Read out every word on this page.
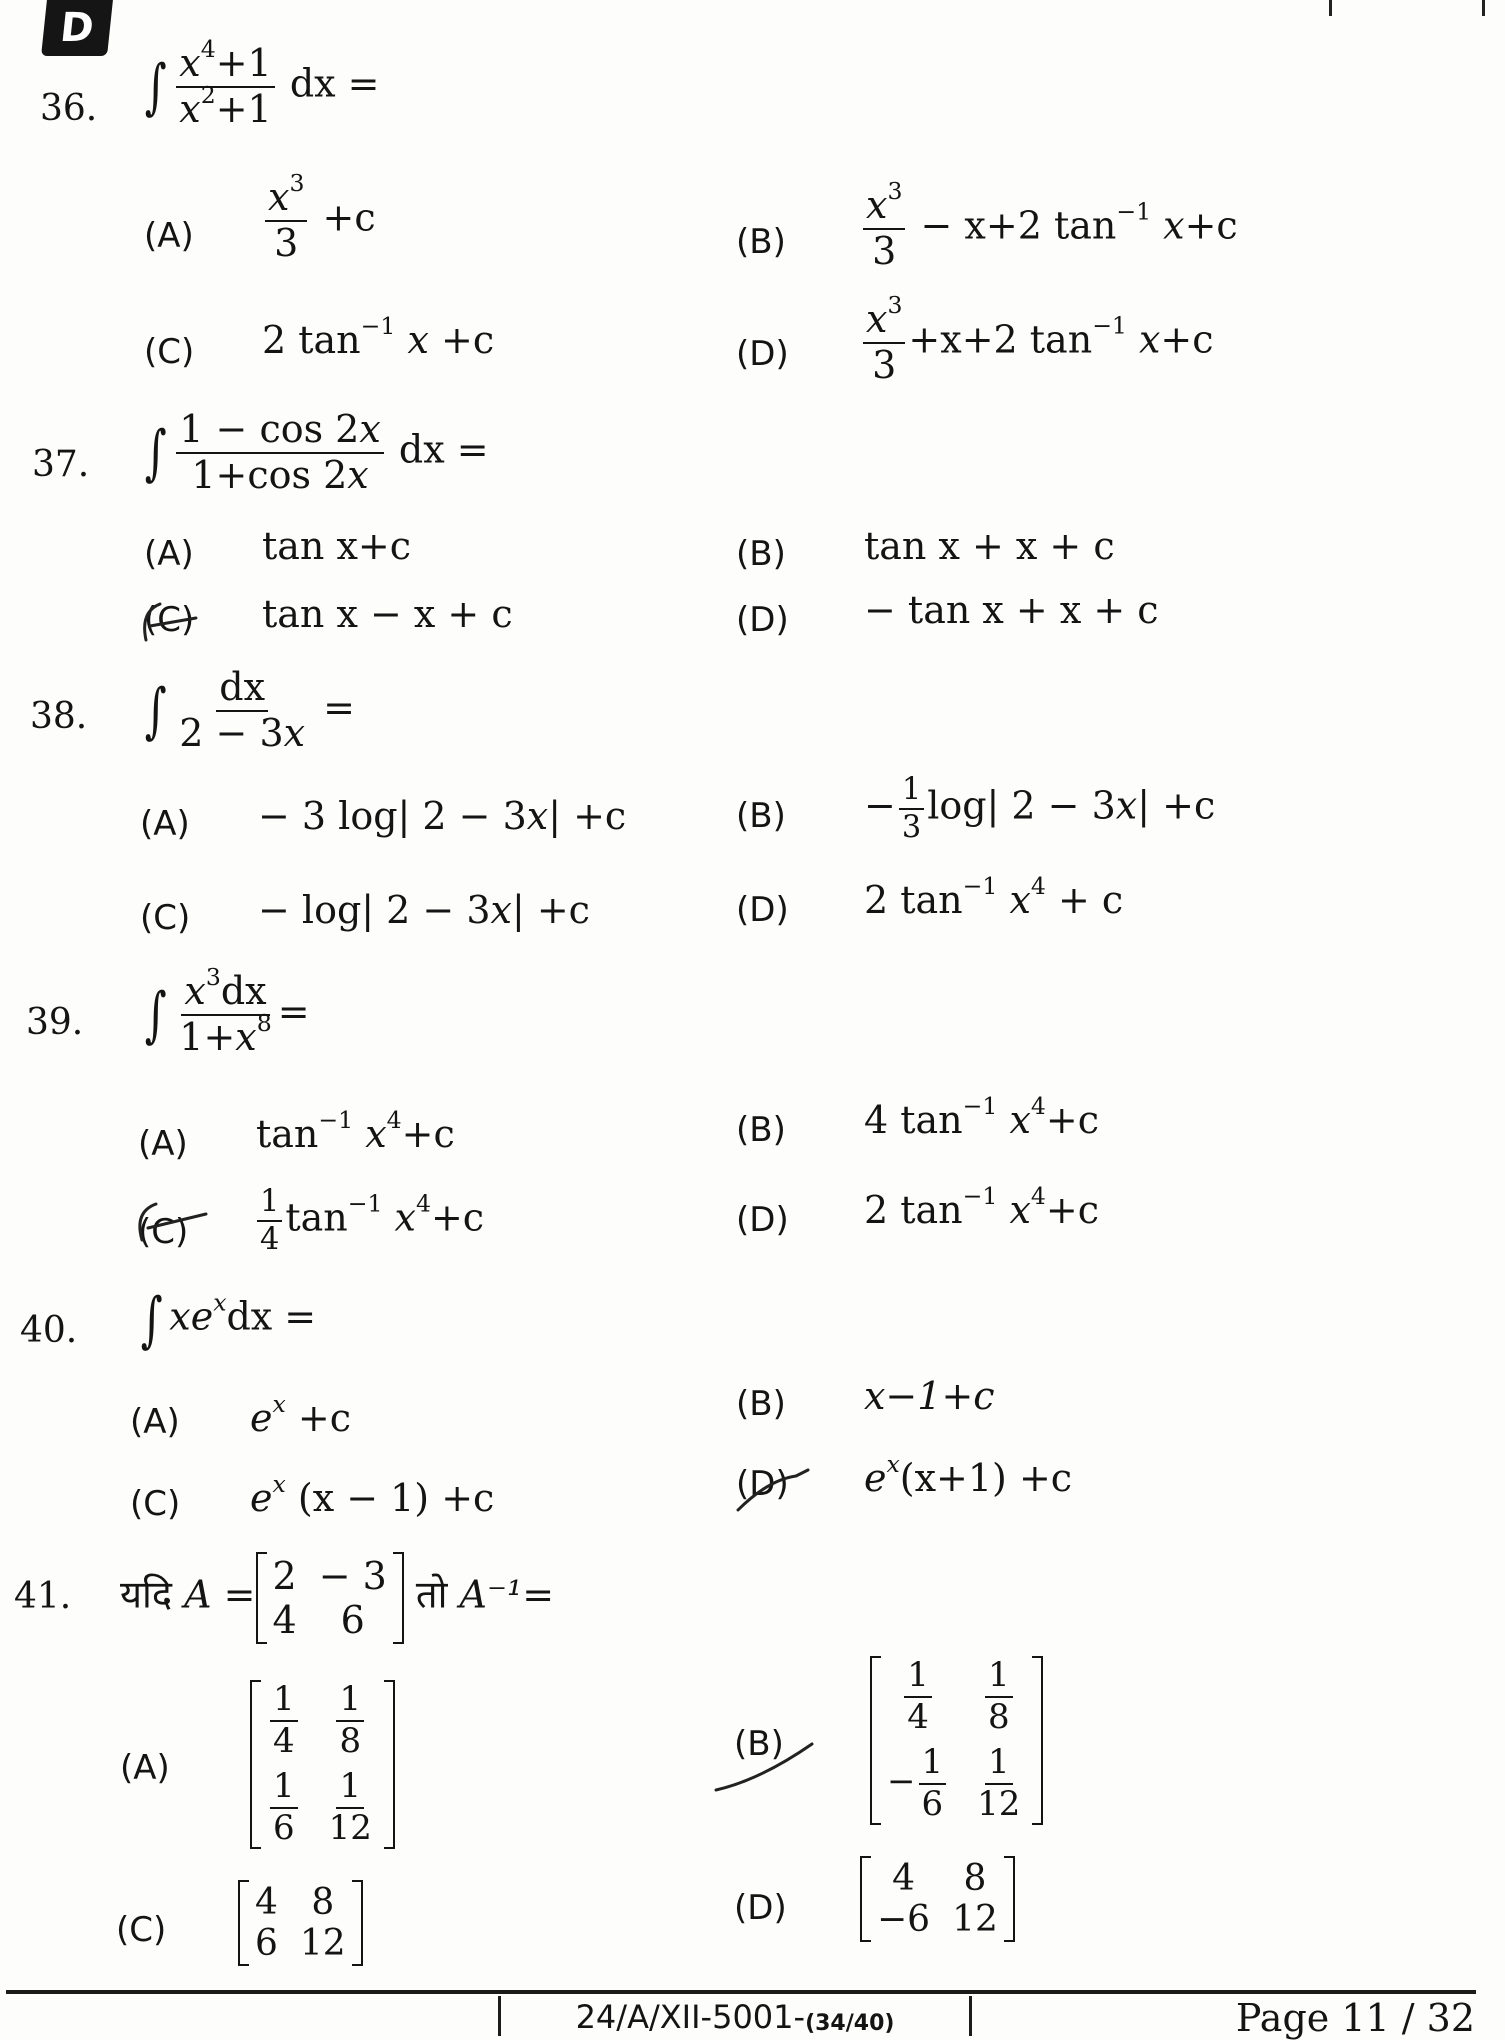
D
36. ∫ $\frac{x^4+1}{x^2+1}$ dx =
$(A) \frac{x^3}{3} +c$
$(B) \frac{x^3}{3} - x+2$ $\tan^{-1} x+c$
(C) 2 $\tan^{-1} x +c$	$(D) \frac{x^3}{3} +x+2$ $\tan^{-1} x+c$
37. ∫ $\frac{1 - \cos 2x}{1+\cos 2x}$ dx =
(A) tan x+c	(B) tan x + x + c
(C) tan x − x + c	(D) − tan x + x + c
38. ∫ $\frac{dx}{2 - 3x}$ =
(A) − 3 log| 2 − 3x| +c	$(B) - \frac{1}{3} \log|$ 2 − 3x| +c
(C) − log| 2 − 3x| +c	(D) 2 $\tan^{-1} x^4 + c$
39. ∫ $\frac{x^3dx}{1+x^8}$ =
(A) $\tan^{-1} x^4+c$	(B) 4 $\tan^{-1} x^4+c$
$(C) \frac{1}{4} \tan^{-1} x^4+c$	(D) 2 $\tan^{-1} x^4+c$
40. ∫ $xe^xdx$ =
(A) $e^x +c$	(B) x−1+c
(C) $e^x$ (x − 1) +c	(D) $e^x(x+1) +c$
41. यदि A = 2 − 3
4 6
तो A⁻¹=
(A)
$\frac{1}{4} \frac{1}{8}$
$\frac{1}{6} \frac{1}{12}$
(B)
$\frac{1}{4} \frac{1}{8}$
− $\frac{1}{6} \frac{1}{12}$
(C)
4 8
6 12
(D)
4 8
−6 12
24/A/XII-5001- (34/40)	Page 11 / 32
